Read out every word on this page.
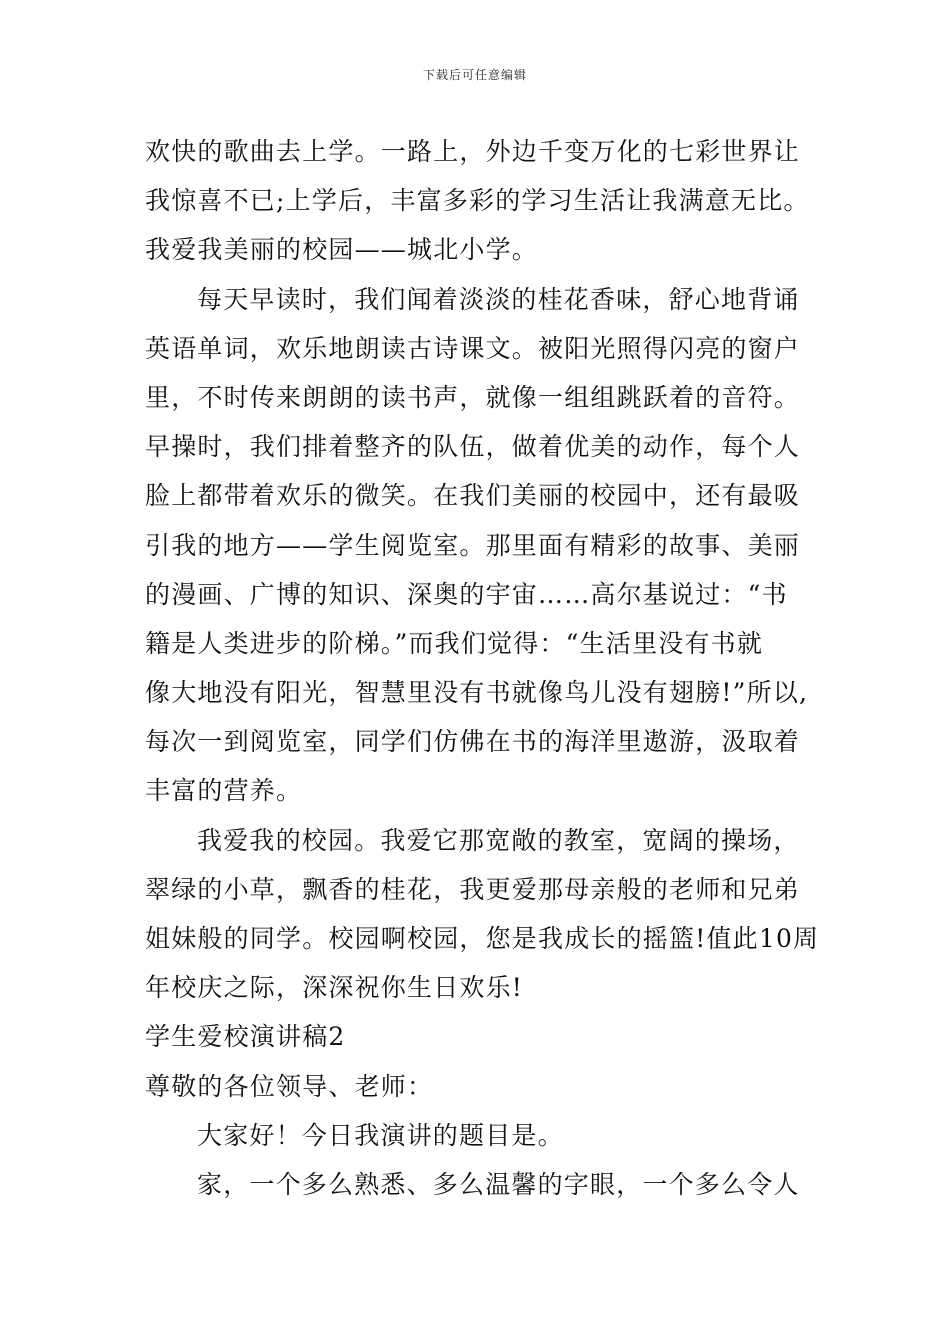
下载后可任意编辑
欢快的歌曲去上学。一路上，外边千变万化的七彩世界让
我惊喜不已;上学后，丰富多彩的学习生活让我满意无比。
我爱我美丽的校园——城北小学。
每天早读时，我们闻着淡淡的桂花香味，舒心地背诵
英语单词，欢乐地朗读古诗课文。被阳光照得闪亮的窗户
里，不时传来朗朗的读书声，就像一组组跳跃着的音符。
早操时，我们排着整齐的队伍，做着优美的动作，每个人
脸上都带着欢乐的微笑。在我们美丽的校园中，还有最吸
引我的地方——学生阅览室。那里面有精彩的故事、美丽
的漫画、广博的知识、深奥的宇宙……高尔基说过：“书
籍是人类进步的阶梯。”而我们觉得：“生活里没有书就
像大地没有阳光，智慧里没有书就像鸟儿没有翅膀!”所以,
每次一到阅览室，同学们仿佛在书的海洋里遨游，汲取着
丰富的营养。
我爱我的校园。我爱它那宽敞的教室，宽阔的操场，
翠绿的小草，飘香的桂花，我更爱那母亲般的老师和兄弟
姐妹般的同学。校园啊校园，您是我成长的摇篮!值此10周
年校庆之际，深深祝你生日欢乐!
学生爱校演讲稿2
尊敬的各位领导、老师：
大家好！今日我演讲的题目是。
家，一个多么熟悉、多么温馨的字眼，一个多么令人
